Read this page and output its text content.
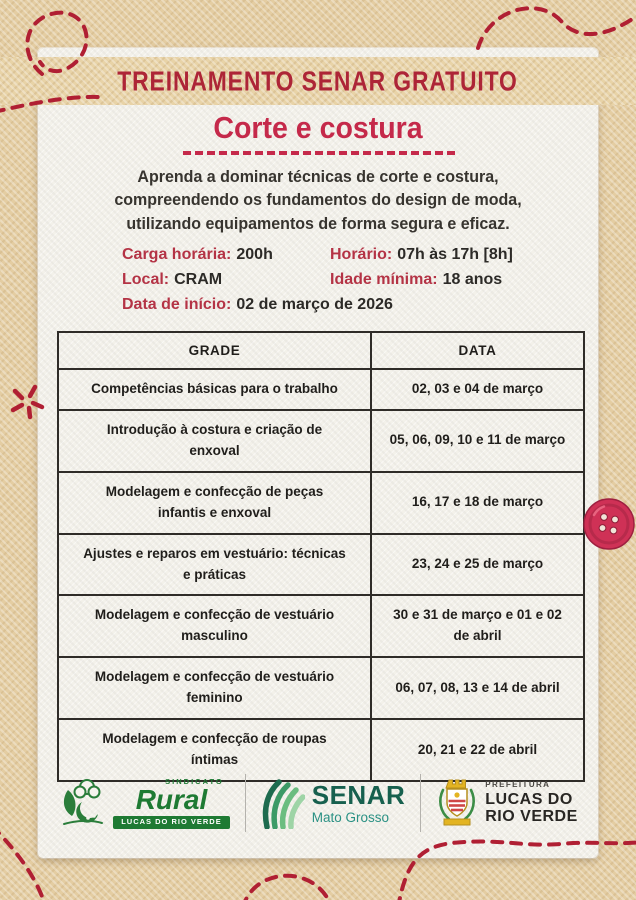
TREINAMENTO SENAR GRATUITO
Corte e costura
Aprenda a dominar técnicas de corte e costura,
compreendendo os fundamentos do design de moda,
utilizando equipamentos de forma segura e eficaz.
Carga horária: 200h	Horário: 07h às 17h [8h]
Local: CRAM	Idade mínima: 18 anos
Data de início: 02 de março de 2026
GRADE	DATA
Competências básicas para o trabalho	02, 03 e 04 de março
Introdução à costura e criação de enxoval	05, 06, 09, 10 e 11 de março
Modelagem e confecção de peças infantis e enxoval	16, 17 e 18 de março
Ajustes e reparos em vestuário: técnicas e práticas	23, 24 e 25 de março
Modelagem e confecção de vestuário masculino	30 e 31 de março e 01 e 02 de abril
Modelagem e confecção de vestuário feminino	06, 07, 08, 13 e 14 de abril
Modelagem e confecção de roupas íntimas	20, 21 e 22 de abril
SINDICATO
Rural
LUCAS DO RIO VERDE
SENAR
Mato Grosso
PREFEITURA
LUCAS DO
RIO VERDE
